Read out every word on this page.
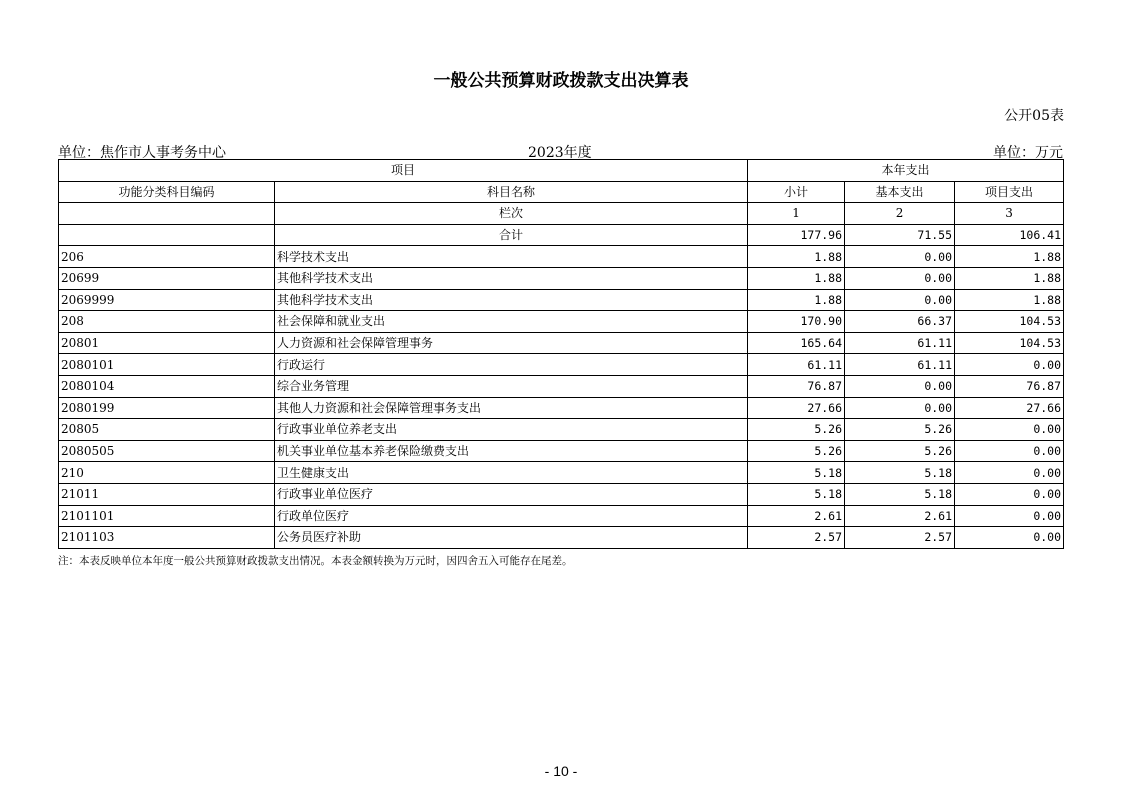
一般公共预算财政拨款支出决算表
公开05表
单位：焦作市人事考务中心	2023年度	单位：万元
项目		本年支出		
功能分类科目编码	科目名称	小计	基本支出	项目支出
	栏次	1	2	3
	合计	177.96	71.55	106.41
206	科学技术支出	1.88	0.00	1.88
20699	其他科学技术支出	1.88	0.00	1.88
2069999	其他科学技术支出	1.88	0.00	1.88
208	社会保障和就业支出	170.90	66.37	104.53
20801	人力资源和社会保障管理事务	165.64	61.11	104.53
2080101	行政运行	61.11	61.11	0.00
2080104	综合业务管理	76.87	0.00	76.87
2080199	其他人力资源和社会保障管理事务支出	27.66	0.00	27.66
20805	行政事业单位养老支出	5.26	5.26	0.00
2080505	机关事业单位基本养老保险缴费支出	5.26	5.26	0.00
210	卫生健康支出	5.18	5.18	0.00
21011	行政事业单位医疗	5.18	5.18	0.00
2101101	行政单位医疗	2.61	2.61	0.00
2101103	公务员医疗补助	2.57	2.57	0.00
注：本表反映单位本年度一般公共预算财政拨款支出情况。本表金额转换为万元时，因四舍五入可能存在尾差。
- 10 -
